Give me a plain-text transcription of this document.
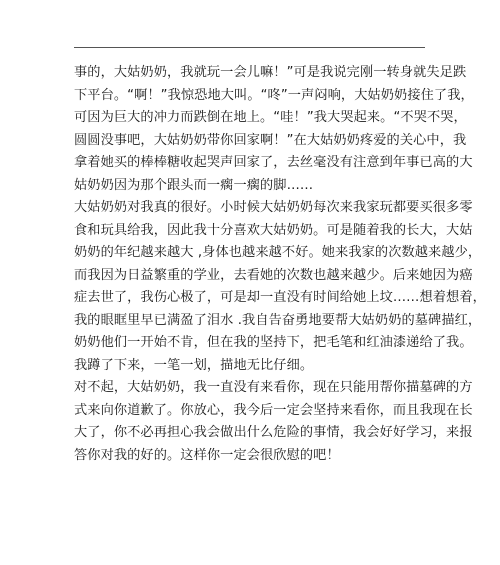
事的，大姑奶奶，我就玩一会儿嘛！”可是我说完刚一转身就失足跌
下平台。“啊！”我惊恐地大叫。“咚”一声闷响，大姑奶奶接住了我，
可因为巨大的冲力而跌倒在地上。“哇！”我大哭起来。“不哭不哭，
圆圆没事吧，大姑奶奶带你回家啊！”在大姑奶奶疼爱的关心中，我
拿着她买的棒棒糖收起哭声回家了，去丝毫没有注意到年事已高的大
姑奶奶因为那个跟头而一瘸一瘸的脚……
大姑奶奶对我真的很好。小时候大姑奶奶每次来我家玩都要买很多零
食和玩具给我，因此我十分喜欢大姑奶奶。可是随着我的长大，大姑
奶奶的年纪越来越大 ,身体也越来越不好。她来我家的次数越来越少，
而我因为日益繁重的学业，去看她的次数也越来越少。后来她因为癌
症去世了，我伤心极了，可是却一直没有时间给她上坟……想着想着，
我的眼眶里早已满盈了泪水 .我自告奋勇地要帮大姑奶奶的墓碑描红，
奶奶他们一开始不肯，但在我的坚持下，把毛笔和红油漆递给了我。
我蹲了下来，一笔一划，描地无比仔细。
对不起，大姑奶奶，我一直没有来看你，现在只能用帮你描墓碑的方
式来向你道歉了。你放心，我今后一定会坚持来看你，而且我现在长
大了，你不必再担心我会做出什么危险的事情，我会好好学习，来报
答你对我的好的。这样你一定会很欣慰的吧！
